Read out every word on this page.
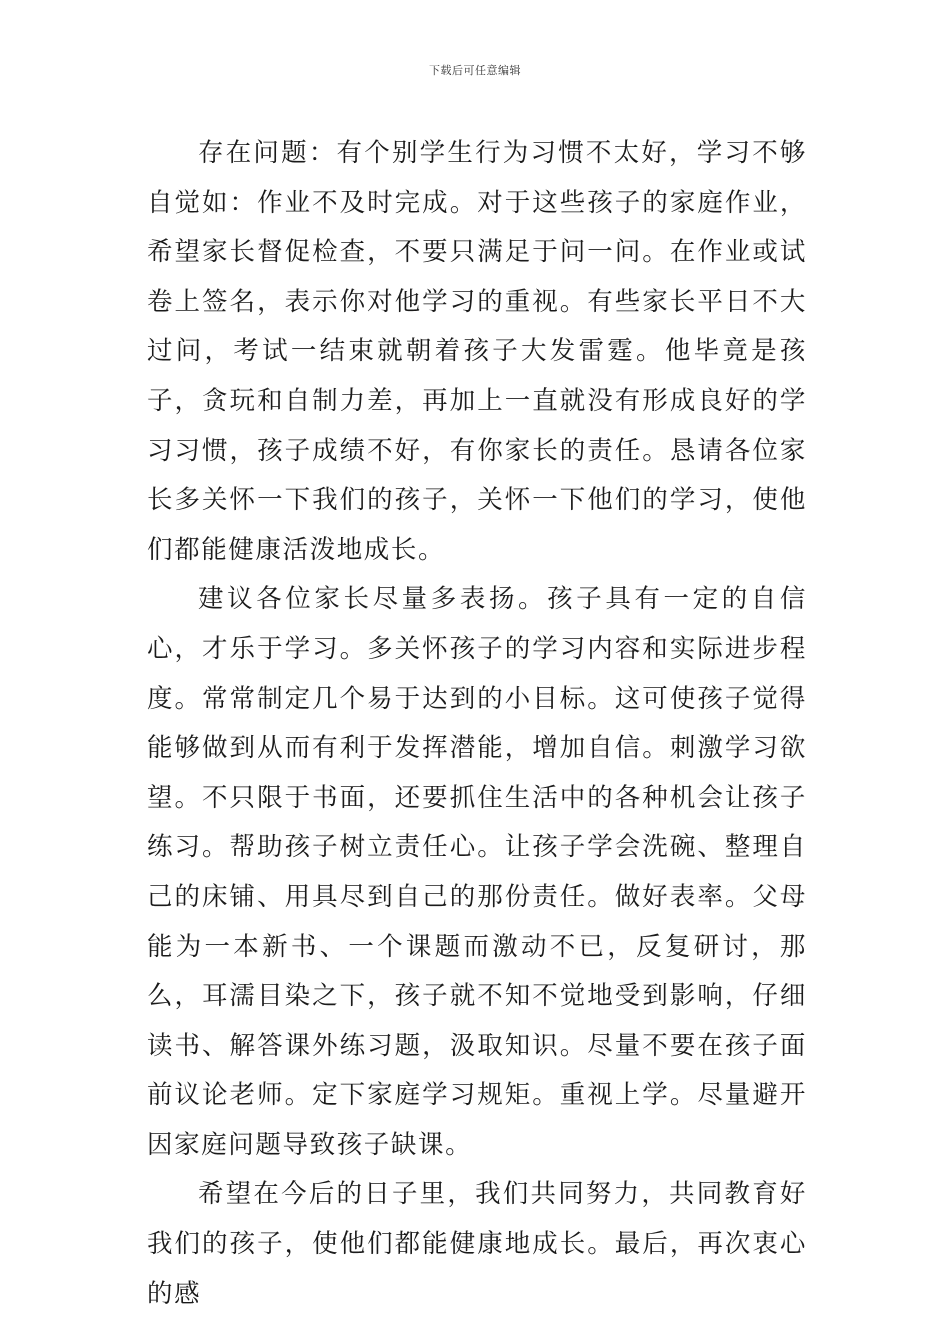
下载后可任意编辑

存在问题：有个别学生行为习惯不太好，学习不够自觉如：作业不及时完成。对于这些孩子的家庭作业，希望家长督促检查，不要只满足于问一问。在作业或试卷上签名，表示你对他学习的重视。有些家长平日不大过问，考试一结束就朝着孩子大发雷霆。他毕竟是孩子，贪玩和自制力差，再加上一直就没有形成良好的学习习惯，孩子成绩不好，有你家长的责任。恳请各位家长多关怀一下我们的孩子，关怀一下他们的学习，使他们都能健康活泼地成长。

建议各位家长尽量多表扬。孩子具有一定的自信心，才乐于学习。多关怀孩子的学习内容和实际进步程度。常常制定几个易于达到的小目标。这可使孩子觉得能够做到从而有利于发挥潜能，增加自信。刺激学习欲望。不只限于书面，还要抓住生活中的各种机会让孩子练习。帮助孩子树立责任心。让孩子学会洗碗、整理自己的床铺、用具尽到自己的那份责任。做好表率。父母能为一本新书、一个课题而激动不已，反复研讨，那么，耳濡目染之下，孩子就不知不觉地受到影响，仔细读书、解答课外练习题，汲取知识。尽量不要在孩子面前议论老师。定下家庭学习规矩。重视上学。尽量避开因家庭问题导致孩子缺课。

希望在今后的日子里，我们共同努力，共同教育好我们的孩子，使他们都能健康地成长。最后，再次衷心的感
